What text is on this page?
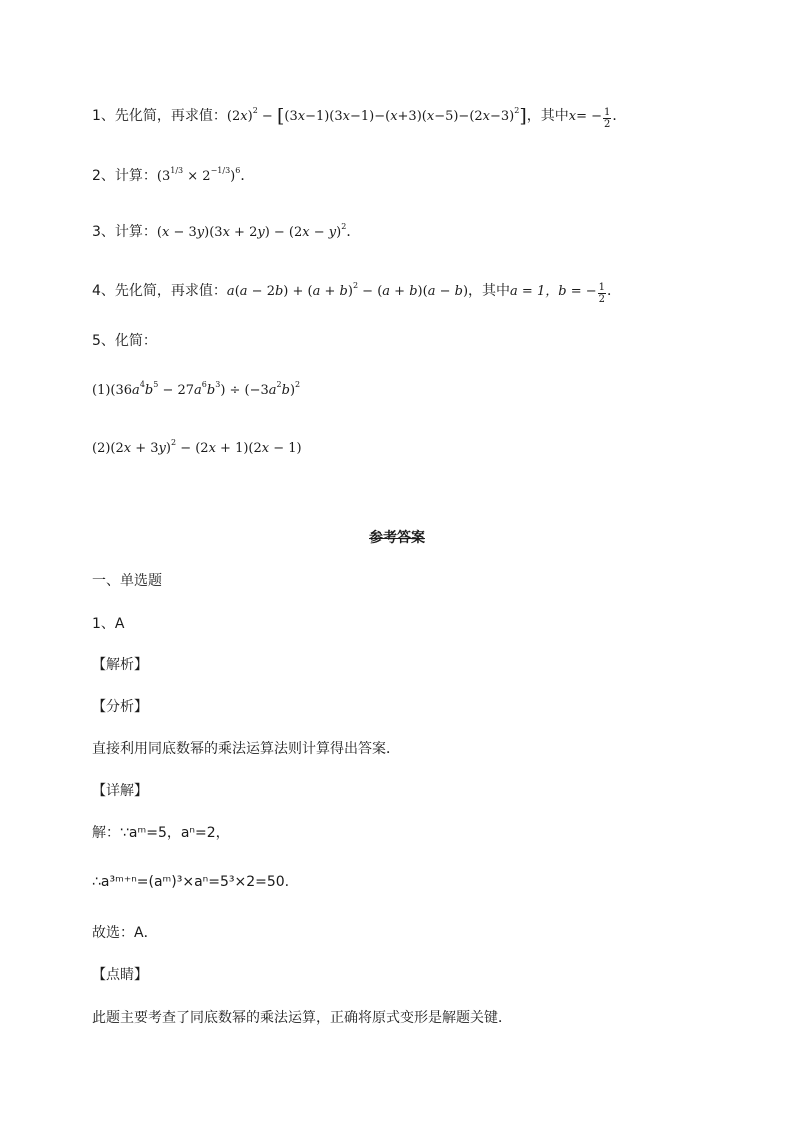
1、先化简，再求值：$(2x)^2 - [(3x-1)(3x-1)-(x+3)(x-5)-(2x-3)^2]$，其中$x= - \frac{1}{2}$ ．
2、计算：$(3^{1/3} \times 2^{-1/3})^6$．
3、计算：$(x - 3y)(3x + 2y) - (2x - y)^2$．
4、先化简，再求值：$a(a - 2b) + (a + b)^2 - (a + b)(a - b)$，其中a = 1，b = − $\frac{1}{2}$ ．
5、化简：
$(1)(36a^4b^5 - 27a^6b^3) \div (-3a^2b)^2$
$(2)(2x + 3y)^2 - (2x + 1)(2x - 1)$
参考答案
一、单选题
1、A
【解析】
【分析】
直接利用同底数幂的乘法运算法则计算得出答案．
【详解】
解：∵aᵐ=5，aⁿ=2，
∴a³ᵐ⁺ⁿ=(aᵐ)³×aⁿ=5³×2=50.
故选：A．
【点睛】
此题主要考查了同底数幂的乘法运算，正确将原式变形是解题关键．
